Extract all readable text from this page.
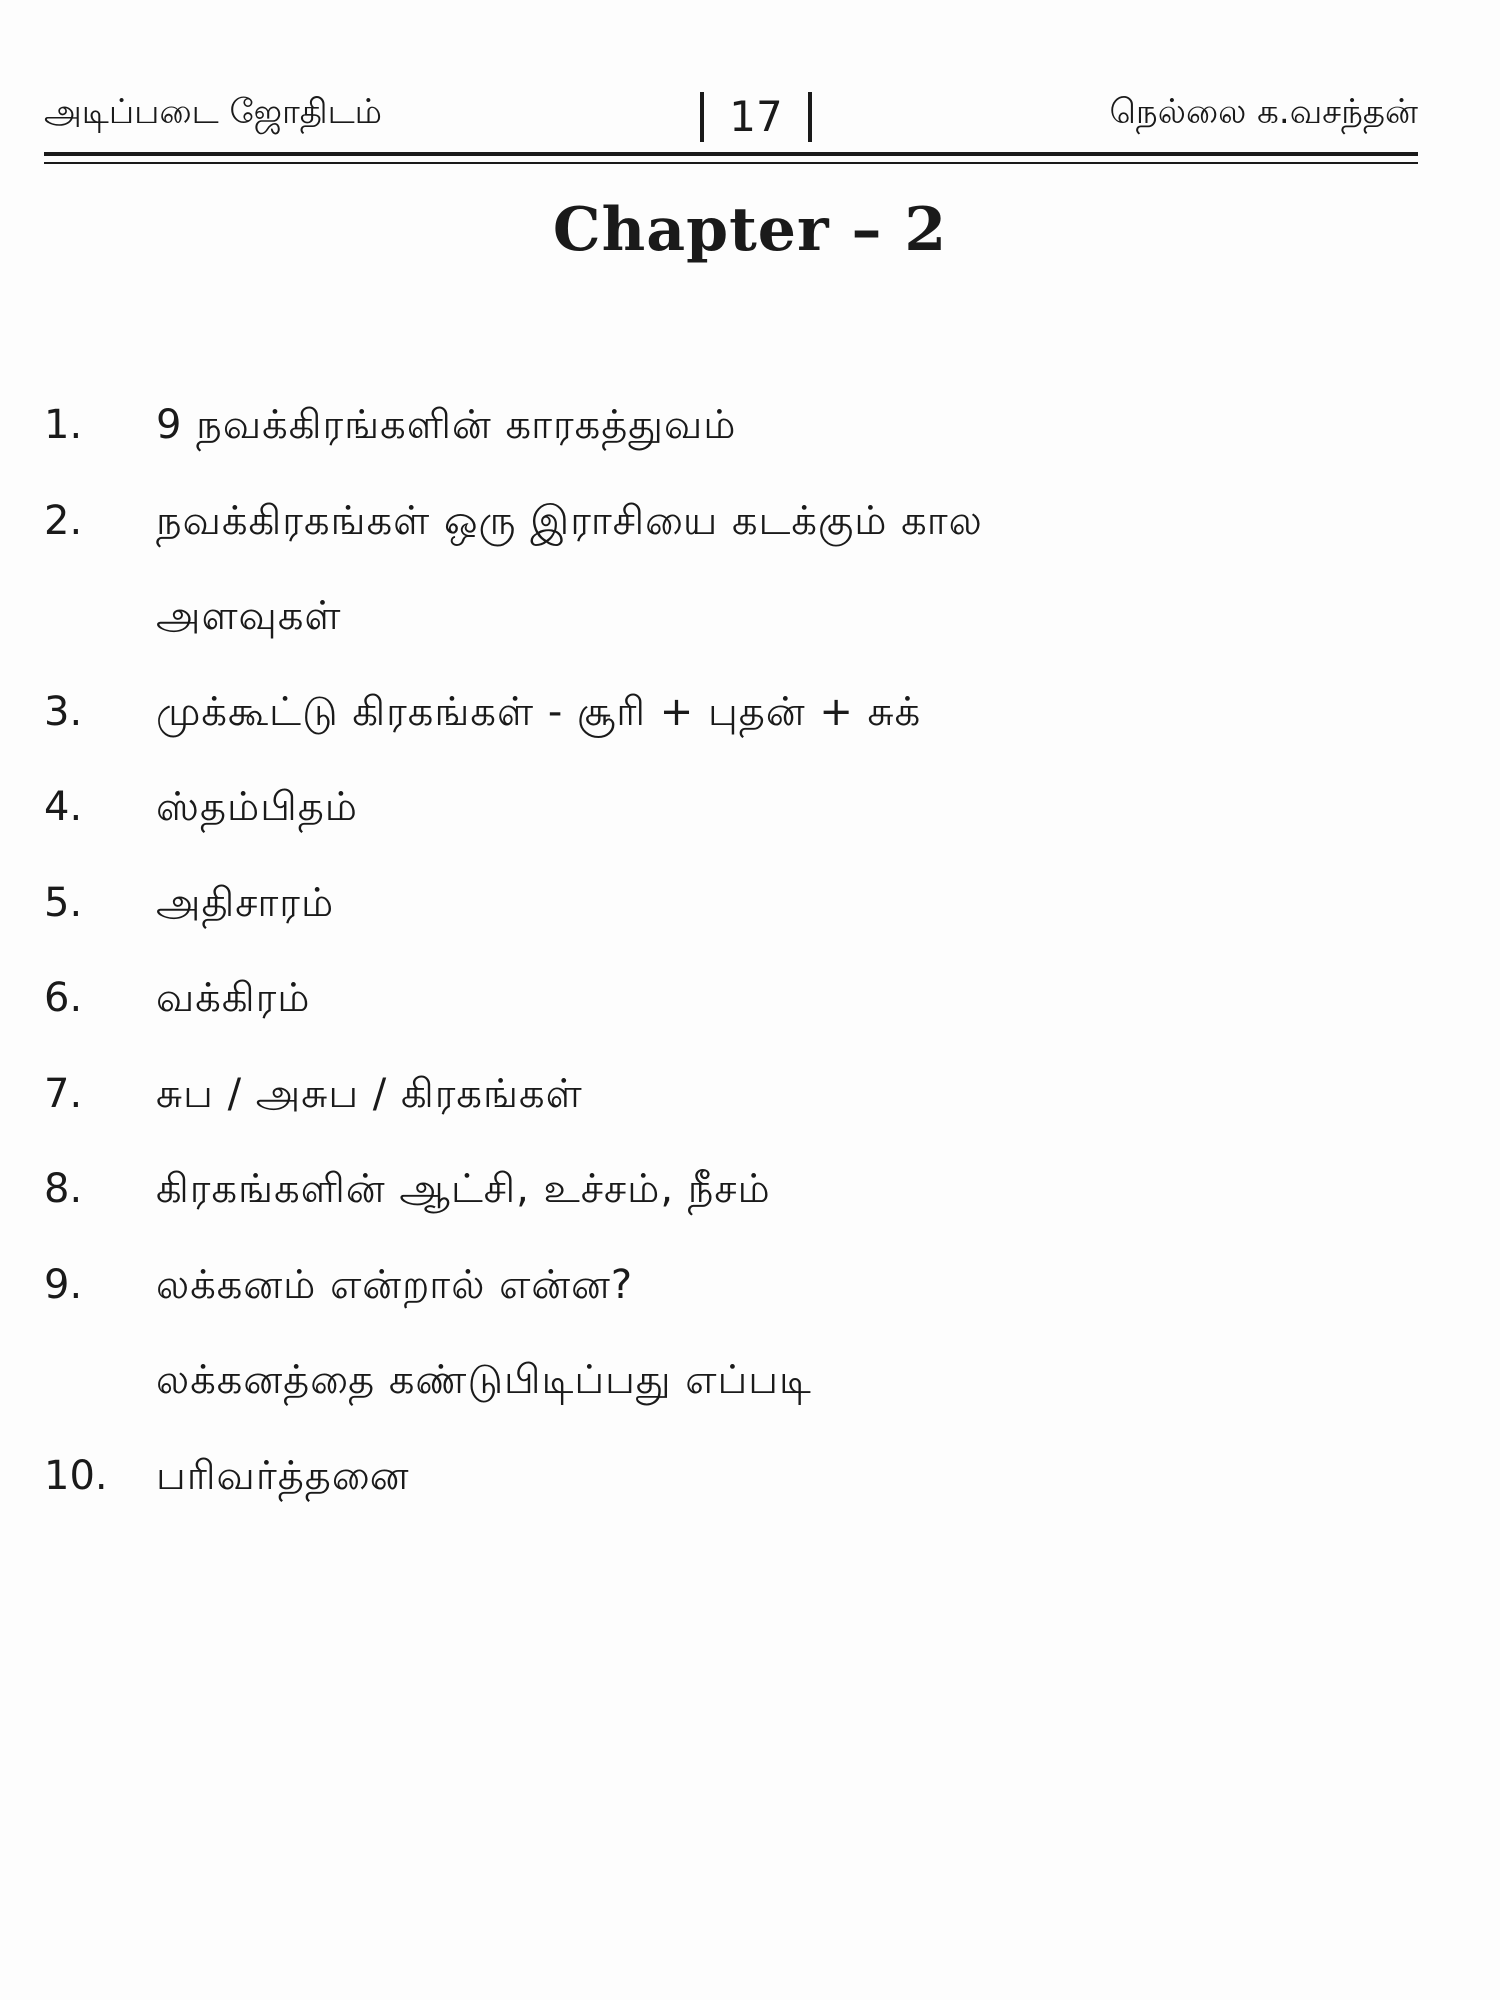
அடிப்படை ஜோதிடம்	17	நெல்லை க.வசந்தன்
Chapter – 2
1. 9 நவக்கிரங்களின் காரகத்துவம்
2. நவக்கிரகங்கள் ஒரு இராசியை கடக்கும் கால
அளவுகள்
3. முக்கூட்டு கிரகங்கள் - சூரி + புதன் + சுக்
4. ஸ்தம்பிதம்
5. அதிசாரம்
6. வக்கிரம்
7. சுப / அசுப / கிரகங்கள்
8. கிரகங்களின் ஆட்சி, உச்சம், நீசம்
9. லக்கனம் என்றால் என்ன?
லக்கனத்தை கண்டுபிடிப்பது எப்படி
10. பரிவர்த்தனை
